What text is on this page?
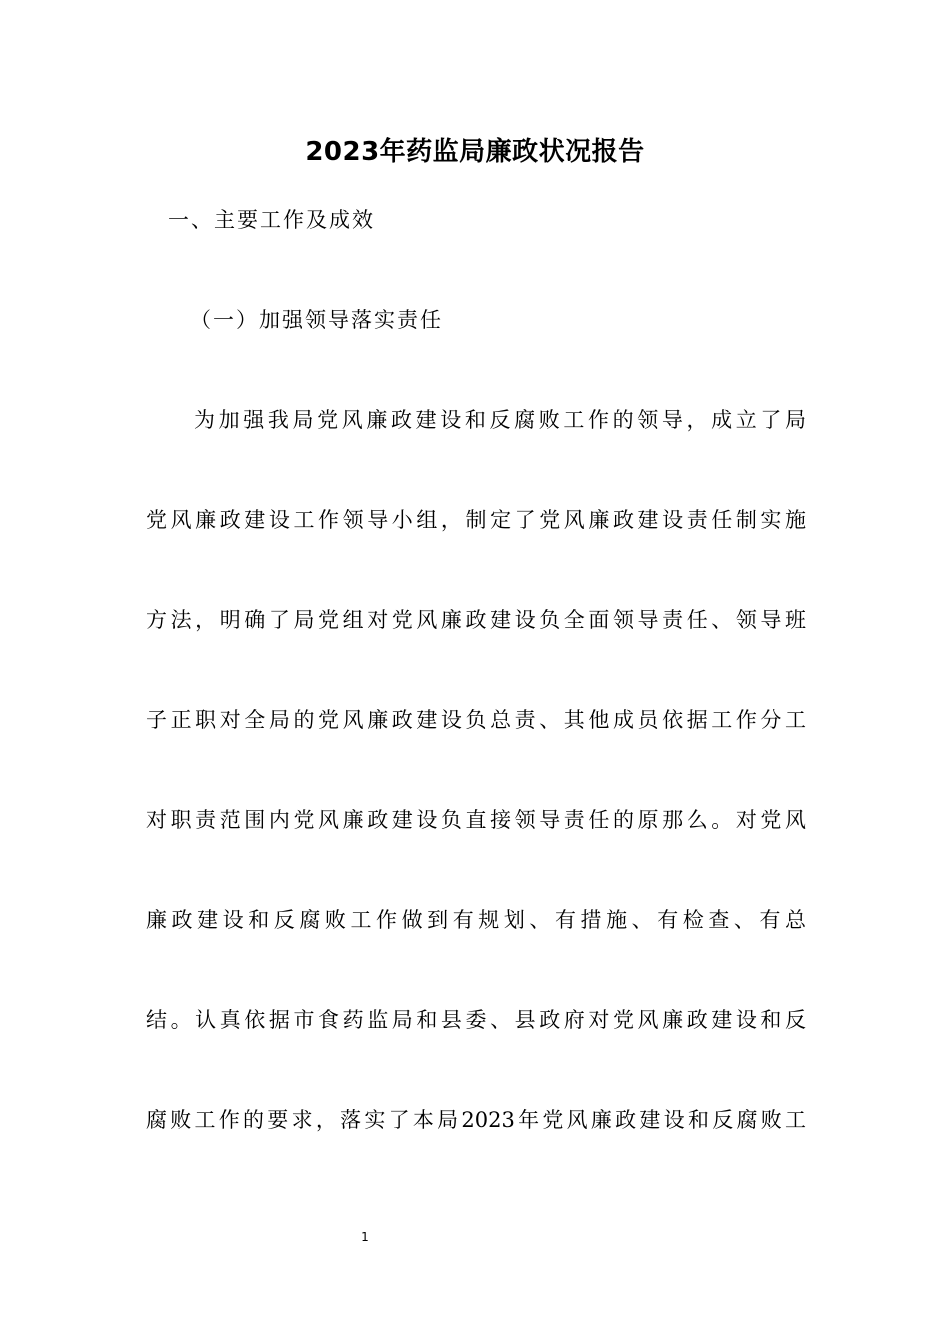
2023年药监局廉政状况报告
一、主要工作及成效
（一）加强领导落实责任
为加强我局党风廉政建设和反腐败工作的领导，成立了局
党风廉政建设工作领导小组，制定了党风廉政建设责任制实施
方法，明确了局党组对党风廉政建设负全面领导责任、领导班
子正职对全局的党风廉政建设负总责、其他成员依据工作分工
对职责范围内党风廉政建设负直接领导责任的原那么。对党风
廉政建设和反腐败工作做到有规划、有措施、有检查、有总
结。认真依据市食药监局和县委、县政府对党风廉政建设和反
腐败工作的要求，落实了本局2023年党风廉政建设和反腐败工
1
